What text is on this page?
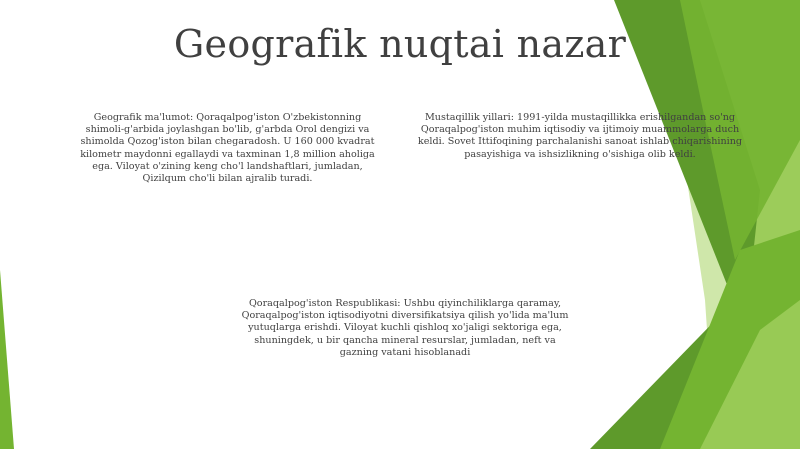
Geografik nuqtai nazar
Geografik ma'lumot: Qoraqalpog'iston O'zbekistonning shimoli-g'arbida joylashgan bo'lib, g'arbda Orol dengizi va shimolda Qozog'iston bilan chegaradosh. U 160 000 kvadrat kilometr maydonni egallaydi va taxminan 1,8 million aholiga ega. Viloyat o'zining keng cho'l landshaftlari, jumladan, Qizilqum cho'li bilan ajralib turadi.
Mustaqillik yillari: 1991-yilda mustaqillikka erishilgandan so'ng Qoraqalpog'iston muhim iqtisodiy va ijtimoiy muammolarga duch keldi. Sovet Ittifoqining parchalanishi sanoat ishlab chiqarishining pasayishiga va ishsizlikning o'sishiga olib keldi.
Qoraqalpog'iston Respublikasi: Ushbu qiyinchiliklarga qaramay, Qoraqalpog'iston iqtisodiyotni diversifikatsiya qilish yo'lida ma'lum yutuqlarga erishdi. Viloyat kuchli qishloq xo'jaligi sektoriga ega, shuningdek, u bir qancha mineral resurslar, jumladan, neft va gazning vatani hisoblanadi
